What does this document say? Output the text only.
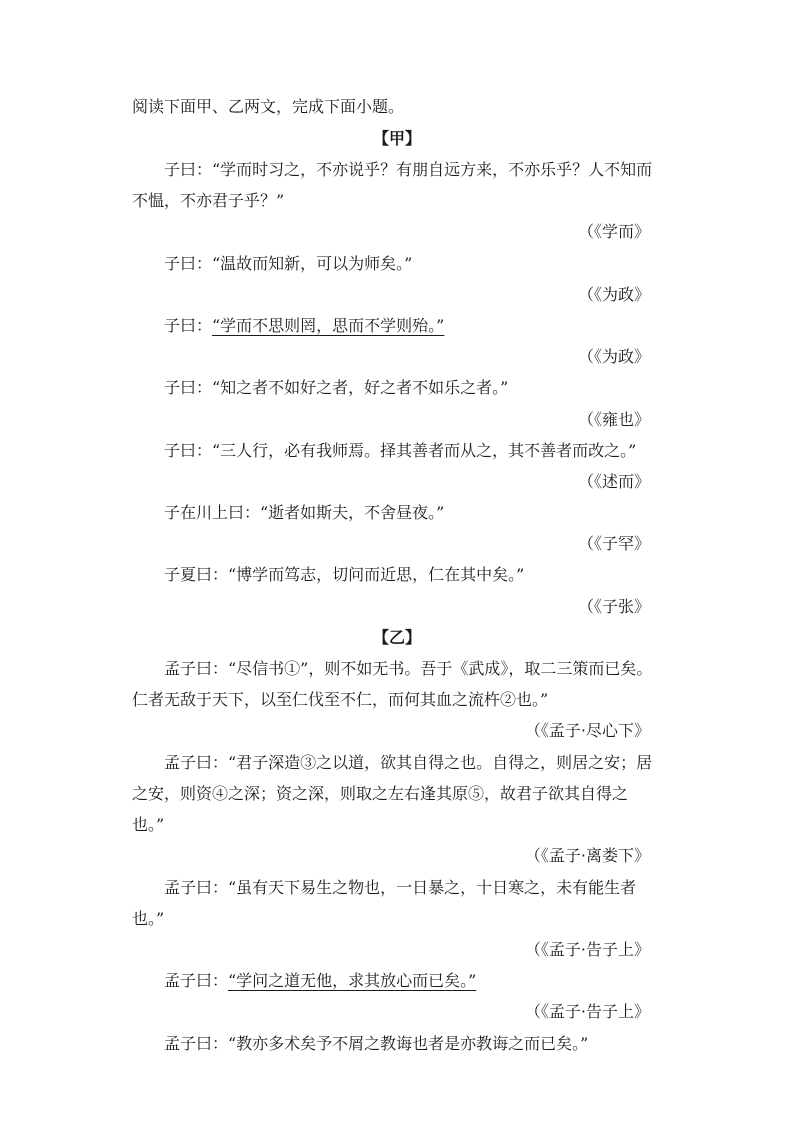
阅读下面甲、乙两文，完成下面小题。
【甲】
子曰：“学而时习之，不亦说乎？有朋自远方来，不亦乐乎？人不知而
不愠，不亦君子乎？”
（《学而》
子曰：“温故而知新，可以为师矣。”
（《为政》
子曰： “学而不思则罔，思而不学则殆。”
（《为政》
子曰：“知之者不如好之者，好之者不如乐之者。”
（《雍也》
子曰：“三人行，必有我师焉。择其善者而从之，其不善者而改之。”
（《述而》
子在川上曰：“逝者如斯夫，不舍昼夜。”
（《子罕》
子夏曰：“博学而笃志，切问而近思，仁在其中矣。”
（《子张》
【乙】
孟子曰：“尽信书①”，则不如无书。吾于《武成》，取二三策而已矣。
仁者无敌于天下，以至仁伐至不仁，而何其血之流杵②也。”
（《孟子·尽心下》
孟子曰：“君子深造③之以道，欲其自得之也。自得之，则居之安；居
之安，则资④之深；资之深，则取之左右逢其原⑤，故君子欲其自得之
也。”
（《孟子·离娄下》
孟子曰：“虽有天下易生之物也，一日暴之，十日寒之，未有能生者
也。”
（《孟子·告子上》
孟子曰： “学问之道无他，求其放心而已矣。”
（《孟子·告子上》
孟子曰：“教亦多术矣予不屑之教诲也者是亦教诲之而已矣。”
